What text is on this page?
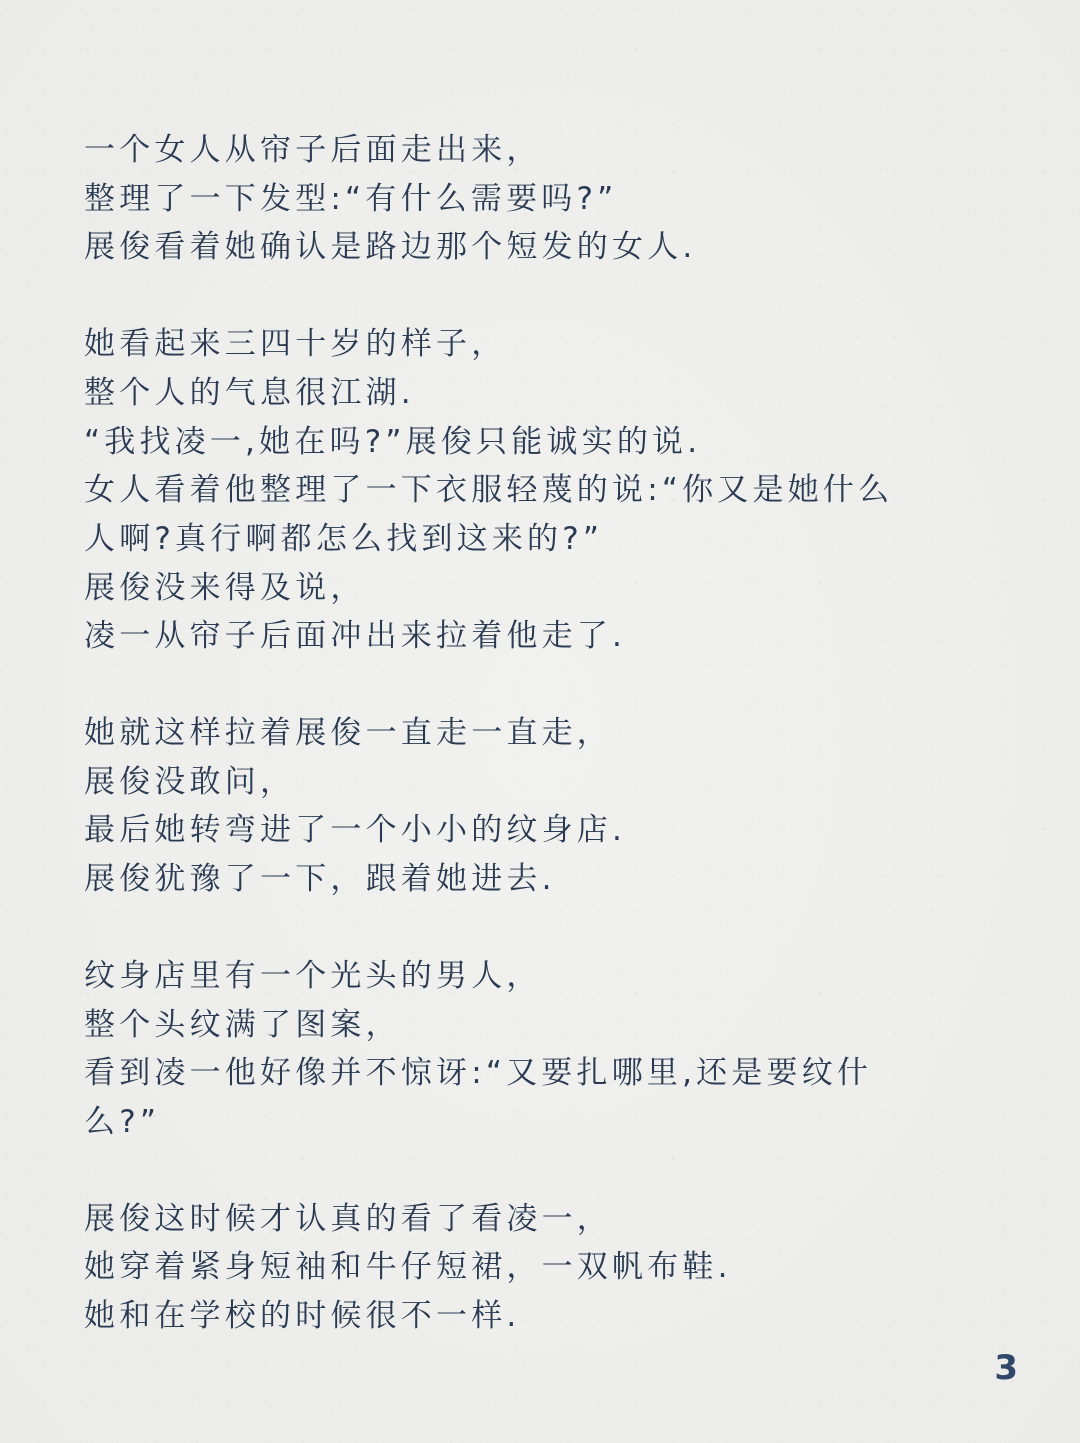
一个女人从帘子后面走出来，
整理了一下发型:“有什么需要吗?”
展俊看着她确认是路边那个短发的女人.
她看起来三四十岁的样子，
整个人的气息很江湖.
“我找凌一,她在吗?”展俊只能诚实的说.
女人看着他整理了一下衣服轻蔑的说:“你又是她什么
人啊?真行啊都怎么找到这来的?”
展俊没来得及说，
凌一从帘子后面冲出来拉着他走了.
她就这样拉着展俊一直走一直走，
展俊没敢问，
最后她转弯进了一个小小的纹身店.
展俊犹豫了一下，跟着她进去.
纹身店里有一个光头的男人，
整个头纹满了图案，
看到凌一他好像并不惊讶:“又要扎哪里,还是要纹什
么?”
展俊这时候才认真的看了看凌一，
她穿着紧身短袖和牛仔短裙，一双帆布鞋.
她和在学校的时候很不一样.
3
